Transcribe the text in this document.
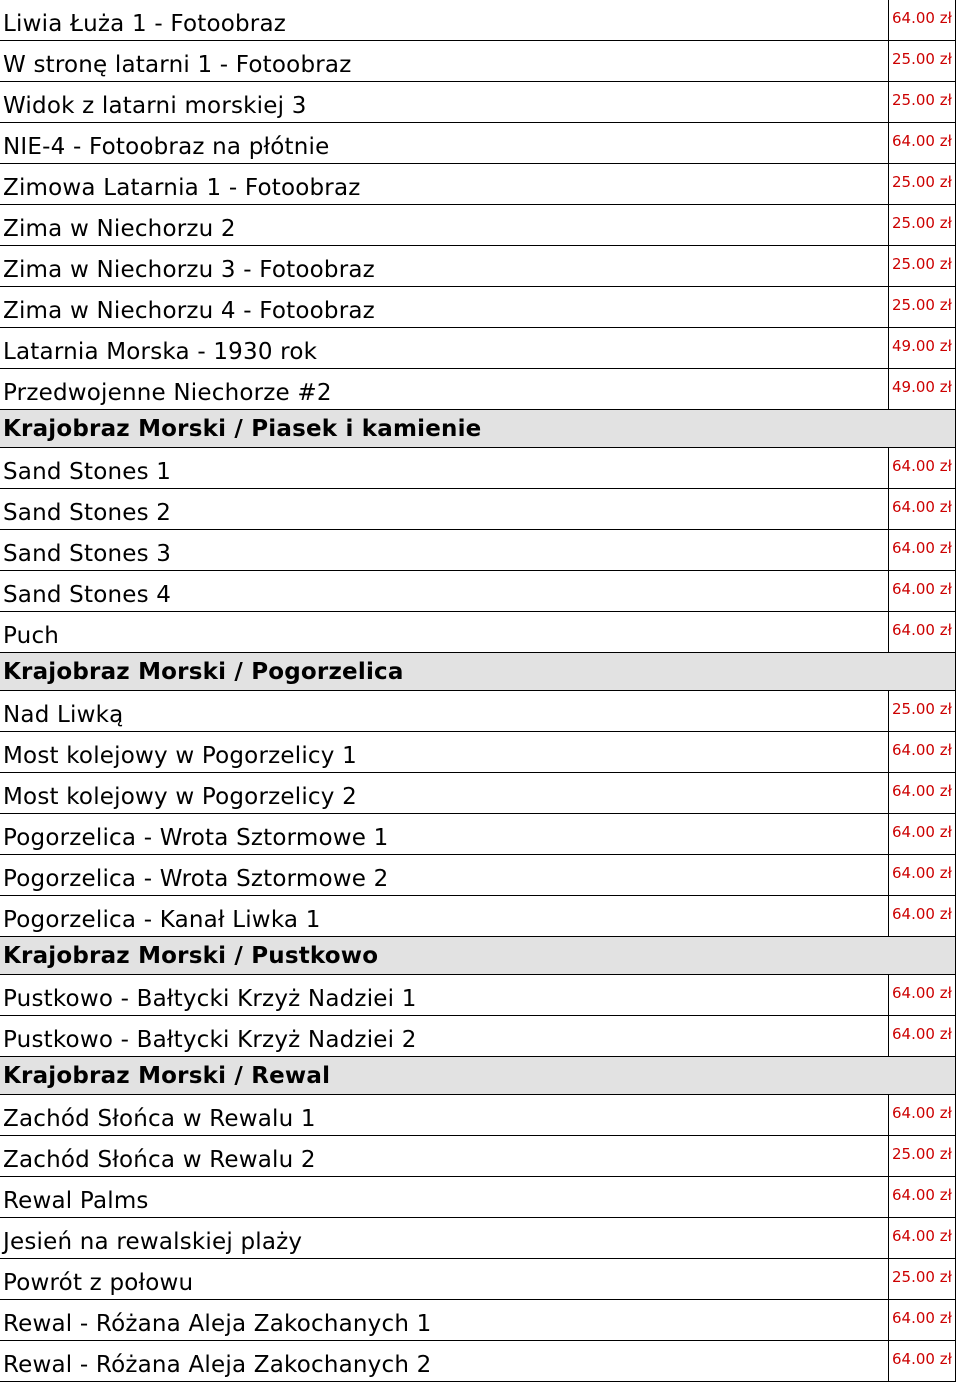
Liwia Łuża 1 - Fotoobraz	64.00 zł
W stronę latarni 1 - Fotoobraz	25.00 zł
Widok z latarni morskiej 3	25.00 zł
NIE-4 - Fotoobraz na płótnie	64.00 zł
Zimowa Latarnia 1 - Fotoobraz	25.00 zł
Zima w Niechorzu 2	25.00 zł
Zima w Niechorzu 3 - Fotoobraz	25.00 zł
Zima w Niechorzu 4 - Fotoobraz	25.00 zł
Latarnia Morska - 1930 rok	49.00 zł
Przedwojenne Niechorze #2	49.00 zł
Krajobraz Morski / Piasek i kamienie
Sand Stones 1	64.00 zł
Sand Stones 2	64.00 zł
Sand Stones 3	64.00 zł
Sand Stones 4	64.00 zł
Puch	64.00 zł
Krajobraz Morski / Pogorzelica
Nad Liwką	25.00 zł
Most kolejowy w Pogorzelicy 1	64.00 zł
Most kolejowy w Pogorzelicy 2	64.00 zł
Pogorzelica - Wrota Sztormowe 1	64.00 zł
Pogorzelica - Wrota Sztormowe 2	64.00 zł
Pogorzelica - Kanał Liwka 1	64.00 zł
Krajobraz Morski / Pustkowo
Pustkowo - Bałtycki Krzyż Nadziei 1	64.00 zł
Pustkowo - Bałtycki Krzyż Nadziei 2	64.00 zł
Krajobraz Morski / Rewal
Zachód Słońca w Rewalu 1	64.00 zł
Zachód Słońca w Rewalu 2	25.00 zł
Rewal Palms	64.00 zł
Jesień na rewalskiej plaży	64.00 zł
Powrót z połowu	25.00 zł
Rewal - Różana Aleja Zakochanych 1	64.00 zł
Rewal - Różana Aleja Zakochanych 2	64.00 zł
